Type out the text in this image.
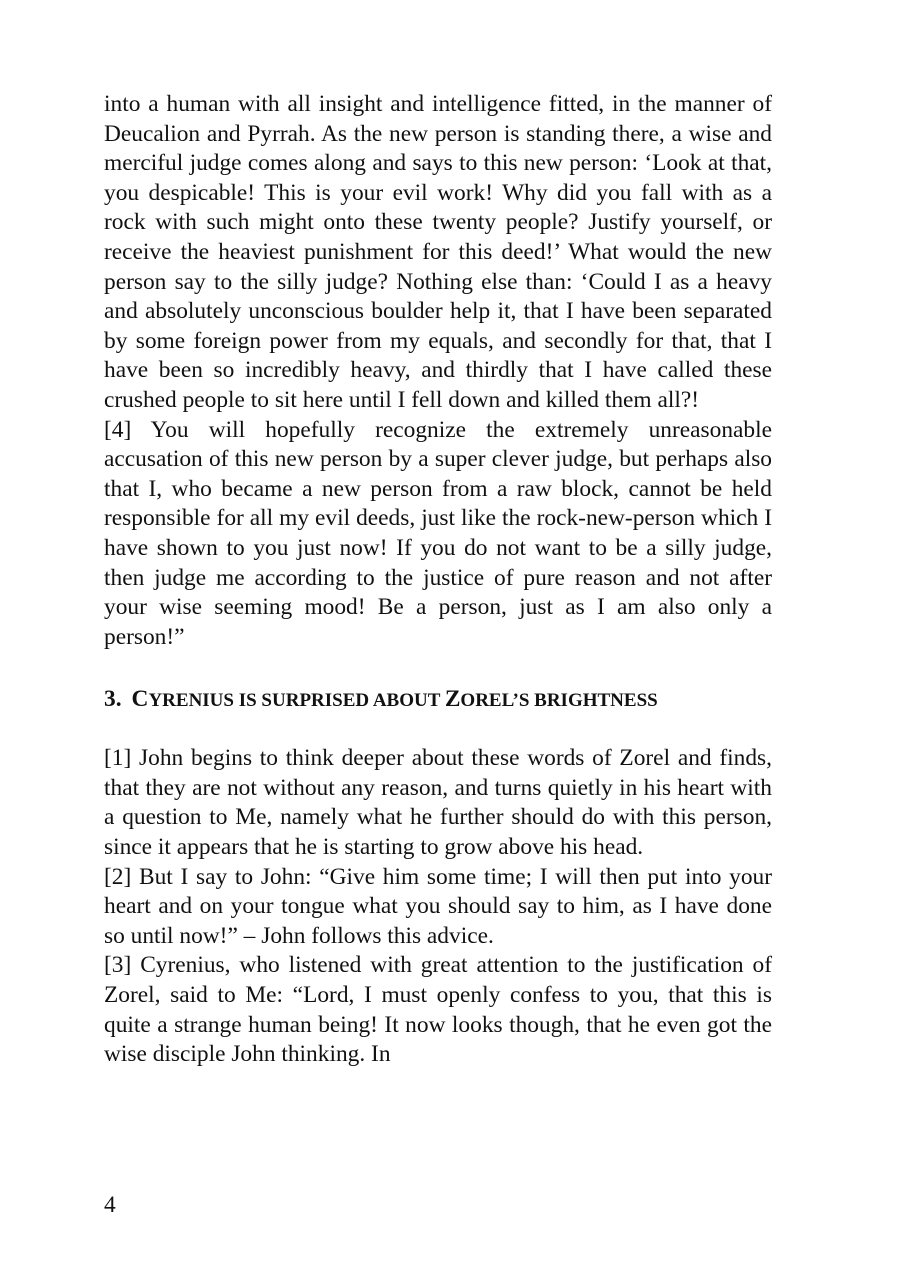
into a human with all insight and intelligence fitted, in the manner of Deucalion and Pyrrah. As the new person is standing there, a wise and merciful judge comes along and says to this new person: ‘Look at that, you despicable! This is your evil work! Why did you fall with as a rock with such might onto these twenty people? Justify yourself, or receive the heaviest punishment for this deed!’ What would the new person say to the silly judge? Nothing else than: ‘Could I as a heavy and absolutely unconscious boulder help it, that I have been separated by some foreign power from my equals, and secondly for that, that I have been so incredibly heavy, and thirdly that I have called these crushed people to sit here until I fell down and killed them all?!

[4] You will hopefully recognize the extremely unreasonable accusation of this new person by a super clever judge, but perhaps also that I, who became a new person from a raw block, cannot be held responsible for all my evil deeds, just like the rock-new-person which I have shown to you just now! If you do not want to be a silly judge, then judge me according to the justice of pure reason and not after your wise seeming mood! Be a person, just as I am also only a person!”

3. CYRENIUS IS SURPRISED ABOUT ZOREL’S BRIGHTNESS

[1] John begins to think deeper about these words of Zorel and finds, that they are not without any reason, and turns quietly in his heart with a question to Me, namely what he further should do with this person, since it appears that he is starting to grow above his head.

[2] But I say to John: “Give him some time; I will then put into your heart and on your tongue what you should say to him, as I have done so until now!” – John follows this advice.

[3] Cyrenius, who listened with great attention to the justification of Zorel, said to Me: “Lord, I must openly confess to you, that this is quite a strange human being! It now looks though, that he even got the wise disciple John thinking. In

4
